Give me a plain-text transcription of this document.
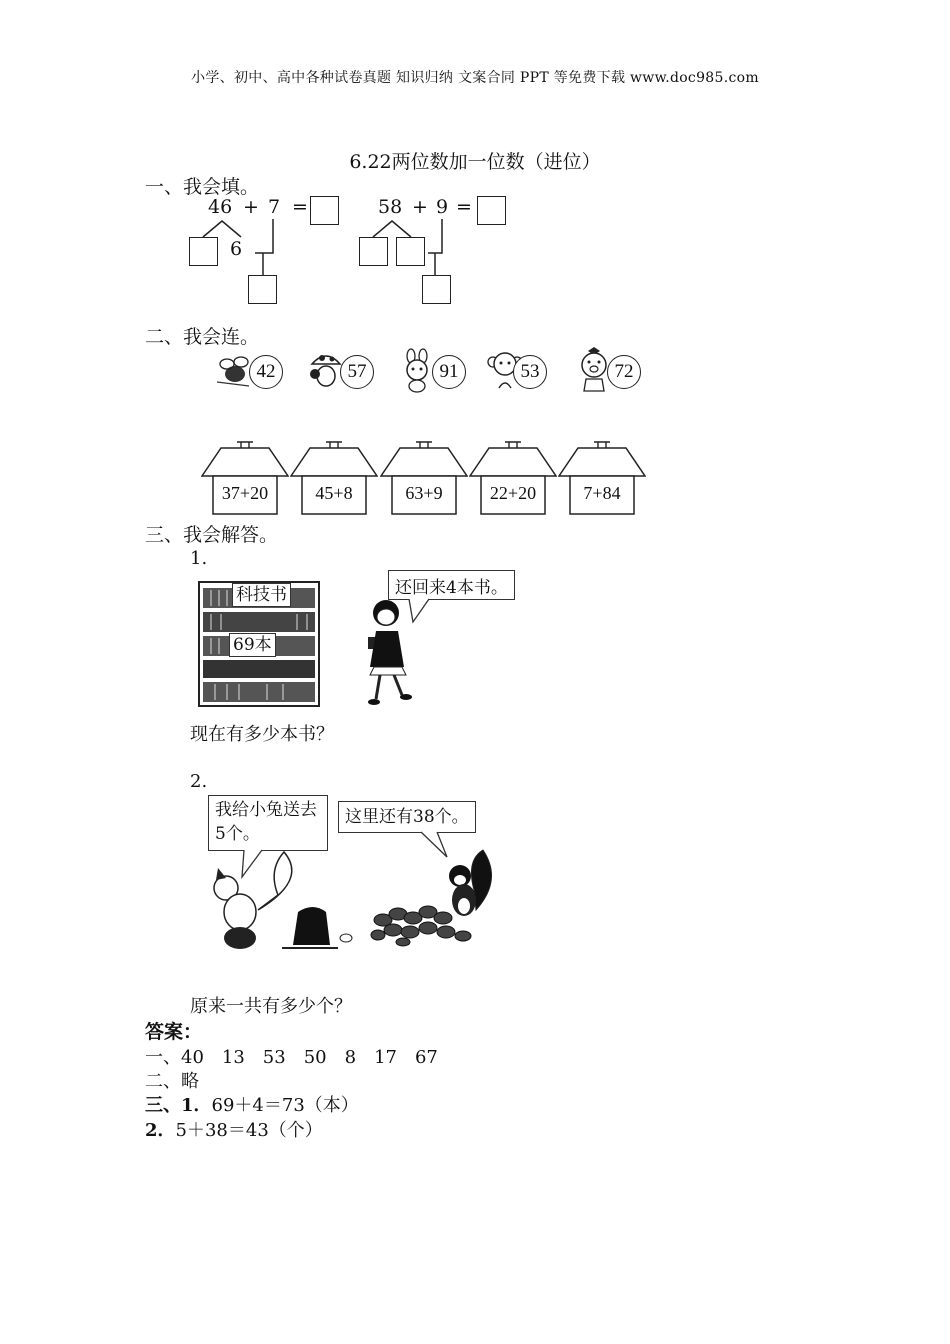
小学、初中、高中各种试卷真题 知识归纳 文案合同 PPT 等免费下载 www.doc985.com
6.22两位数加一位数（进位）
一、我会填。
46 + 7 =
6
58 + 9 =
二、我会连。
42	57	91	53	72
37+20	45+8	63+9	22+20	7+84
三、我会解答。
1.
科技书
69本
还回来4本书。
现在有多少本书？
2.
我给小兔送去5个。
这里还有38个。
原来一共有多少个？
答案：
一、40　13　53　50　8　17　67
二、略
三、1．69＋4＝73（本）
2．5＋38＝43（个）
